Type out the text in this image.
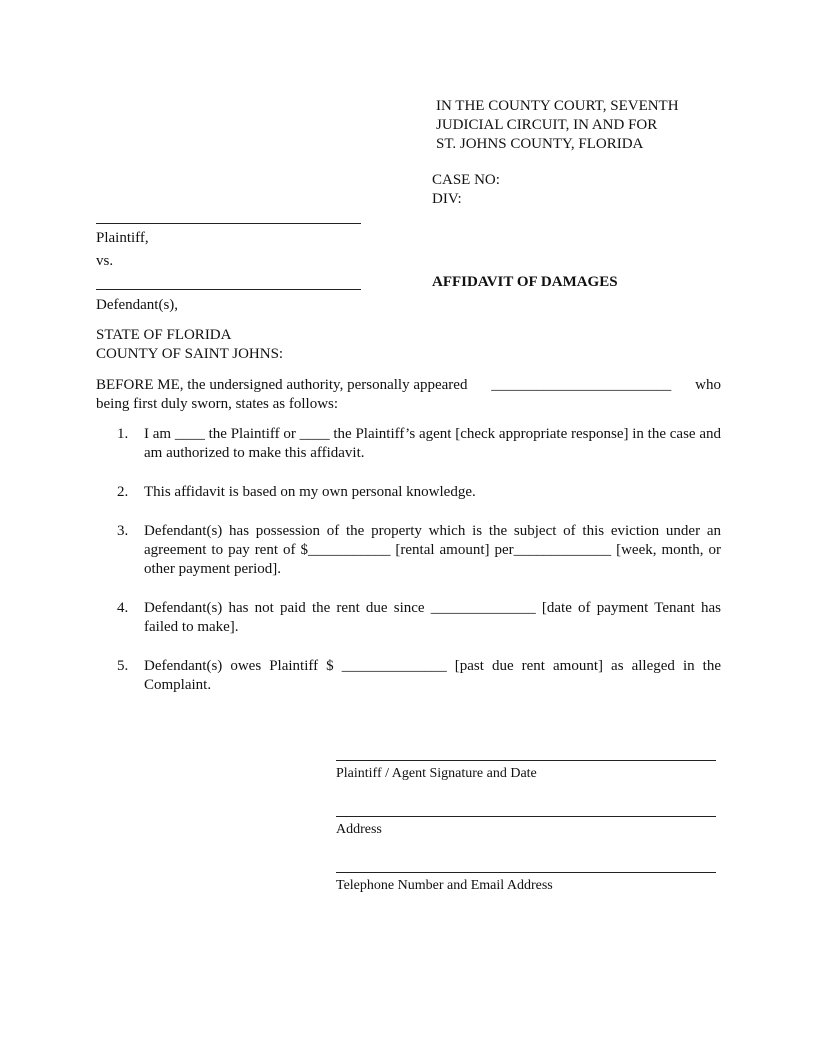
IN THE COUNTY COURT, SEVENTH
JUDICIAL CIRCUIT, IN AND FOR
ST. JOHNS COUNTY, FLORIDA
CASE NO:
DIV:
Plaintiff,
vs.
Defendant(s),
AFFIDAVIT OF DAMAGES
STATE OF FLORIDA
COUNTY OF SAINT JOHNS:
BEFORE ME, the undersigned authority, personally appeared ________________________ who
being first duly sworn, states as follows:
1. I am ____ the Plaintiff or ____ the Plaintiff’s agent [check appropriate response] in the case and am authorized to make this affidavit.
2. This affidavit is based on my own personal knowledge.
3. Defendant(s) has possession of the property which is the subject of this eviction under an agreement to pay rent of $___________ [rental amount] per_____________ [week, month, or other payment period].
4. Defendant(s) has not paid the rent due since ______________ [date of payment Tenant has failed to make].
5. Defendant(s) owes Plaintiff $ ______________ [past due rent amount] as alleged in the Complaint.
Plaintiff / Agent Signature and Date
Address
Telephone Number and Email Address
